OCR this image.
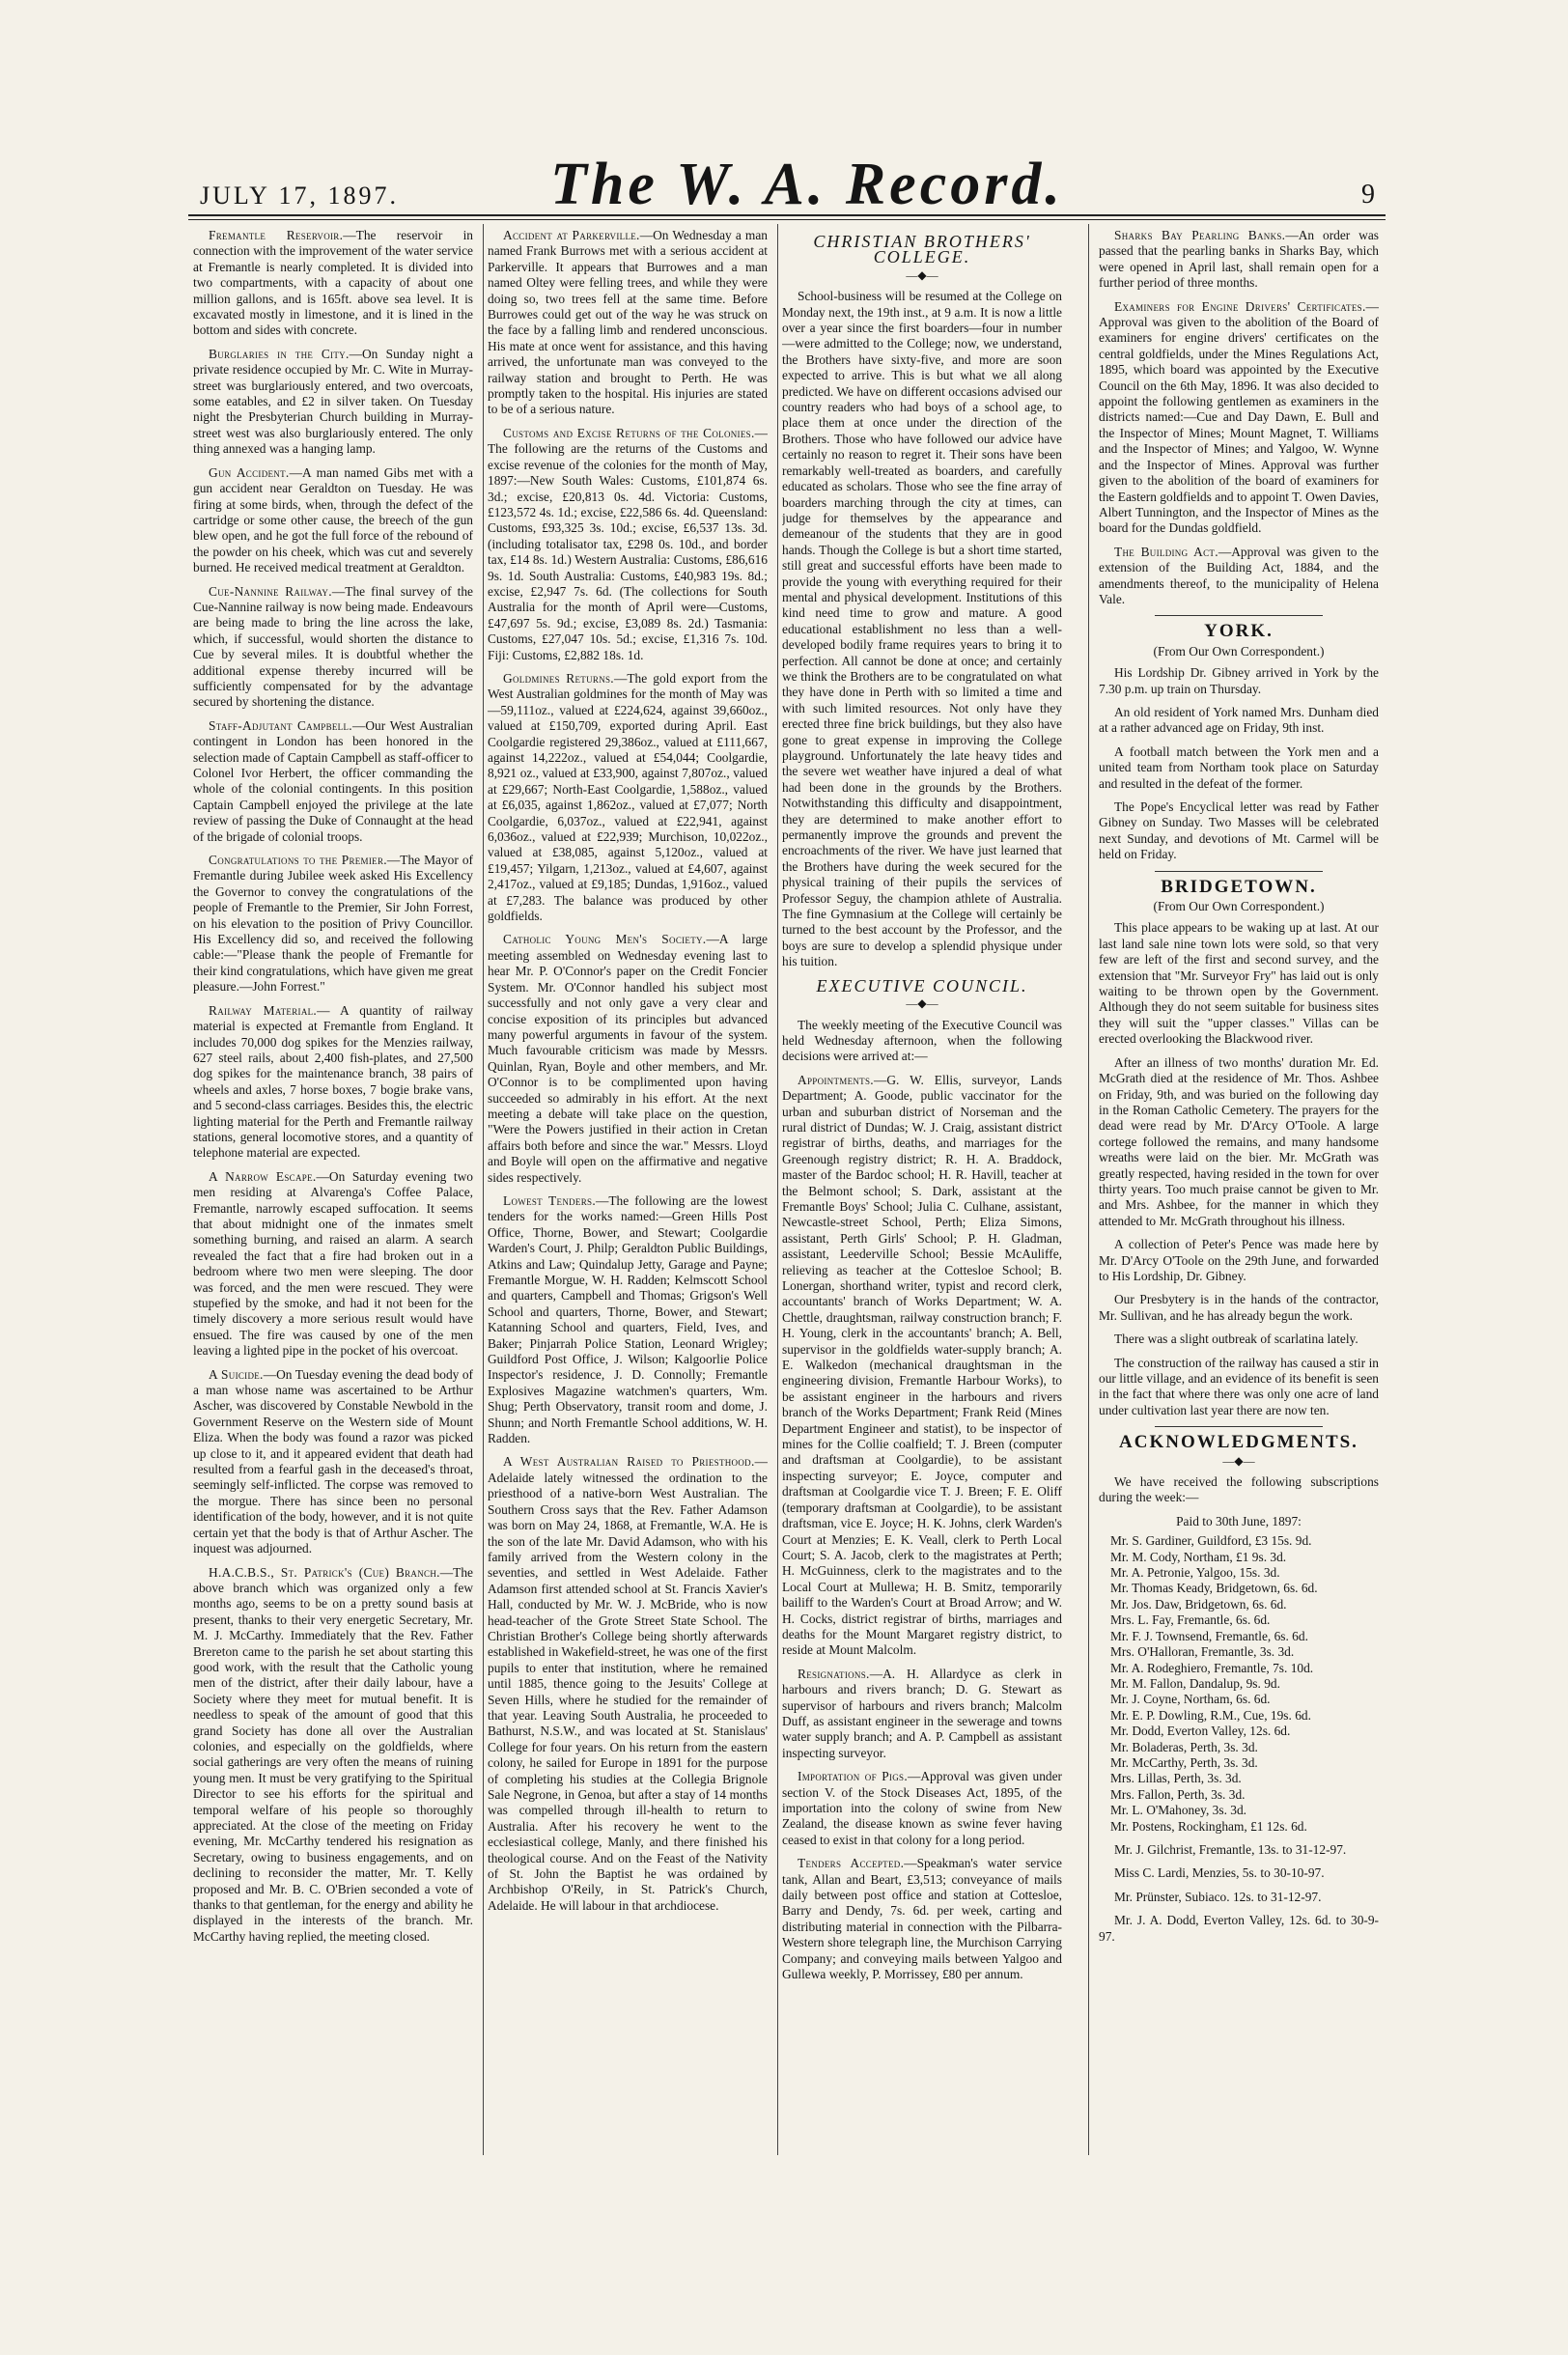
JULY 17, 1897.	The W. A. Record.	9

Fremantle Reservoir.—The reservoir in connection with the improvement of the water service at Fremantle is nearly completed. It is divided into two compartments, with a capacity of about one million gallons, and is 165ft. above sea level. It is excavated mostly in limestone, and it is lined in the bottom and sides with concrete.

Burglaries in the City.—On Sunday night a private residence occupied by Mr. C. Wite in Murray-street was burglariously entered, and two overcoats, some eatables, and £2 in silver taken. On Tuesday night the Presbyterian Church building in Murray-street west was also burglariously entered. The only thing annexed was a hanging lamp.

Gun Accident.—A man named Gibs met with a gun accident near Geraldton on Tuesday. He was firing at some birds, when, through the defect of the cartridge or some other cause, the breech of the gun blew open, and he got the full force of the rebound of the powder on his cheek, which was cut and severely burned. He received medical treatment at Geraldton.

Cue-Nannine Railway.—The final survey of the Cue-Nannine railway is now being made. Endeavours are being made to bring the line across the lake, which, if successful, would shorten the distance to Cue by several miles. It is doubtful whether the additional expense thereby incurred will be sufficiently compensated for by the advantage secured by shortening the distance.

Staff-Adjutant Campbell.—Our West Australian contingent in London has been honored in the selection made of Captain Campbell as staff-officer to Colonel Ivor Herbert, the officer commanding the whole of the colonial contingents. In this position Captain Campbell enjoyed the privilege at the late review of passing the Duke of Connaught at the head of the brigade of colonial troops.

Congratulations to the Premier.—The Mayor of Fremantle during Jubilee week asked His Excellency the Governor to convey the congratulations of the people of Fremantle to the Premier, Sir John Forrest, on his elevation to the position of Privy Councillor. His Excellency did so, and received the following cable:—"Please thank the people of Fremantle for their kind congratulations, which have given me great pleasure.—John Forrest."

Railway Material.— A quantity of railway material is expected at Fremantle from England. It includes 70,000 dog spikes for the Menzies railway, 627 steel rails, about 2,400 fish-plates, and 27,500 dog spikes for the maintenance branch, 38 pairs of wheels and axles, 7 horse boxes, 7 bogie brake vans, and 5 second-class carriages. Besides this, the electric lighting material for the Perth and Fremantle railway stations, general locomotive stores, and a quantity of telephone material are expected.

A Narrow Escape.—On Saturday evening two men residing at Alvarenga's Coffee Palace, Fremantle, narrowly escaped suffocation. It seems that about midnight one of the inmates smelt something burning, and raised an alarm. A search revealed the fact that a fire had broken out in a bedroom where two men were sleeping. The door was forced, and the men were rescued. They were stupefied by the smoke, and had it not been for the timely discovery a more serious result would have ensued. The fire was caused by one of the men leaving a lighted pipe in the pocket of his overcoat.

A Suicide.—On Tuesday evening the dead body of a man whose name was ascertained to be Arthur Ascher, was discovered by Constable Newbold in the Government Reserve on the Western side of Mount Eliza. When the body was found a razor was picked up close to it, and it appeared evident that death had resulted from a fearful gash in the deceased's throat, seemingly self-inflicted. The corpse was removed to the morgue. There has since been no personal identification of the body, however, and it is not quite certain yet that the body is that of Arthur Ascher. The inquest was adjourned.

H.A.C.B.S., St. Patrick's (Cue) Branch.—The above branch which was organized only a few months ago, seems to be on a pretty sound basis at present, thanks to their very energetic Secretary, Mr. M. J. McCarthy. Immediately that the Rev. Father Brereton came to the parish he set about starting this good work, with the result that the Catholic young men of the district, after their daily labour, have a Society where they meet for mutual benefit. It is needless to speak of the amount of good that this grand Society has done all over the Australian colonies, and especially on the goldfields, where social gatherings are very often the means of ruining young men. It must be very gratifying to the Spiritual Director to see his efforts for the spiritual and temporal welfare of his people so thoroughly appreciated. At the close of the meeting on Friday evening, Mr. McCarthy tendered his resignation as Secretary, owing to business engagements, and on declining to reconsider the matter, Mr. T. Kelly proposed and Mr. B. C. O'Brien seconded a vote of thanks to that gentleman, for the energy and ability he displayed in the interests of the branch. Mr. McCarthy having replied, the meeting closed.

Accident at Parkerville.—On Wednesday a man named Frank Burrows met with a serious accident at Parkerville. It appears that Burrowes and a man named Oltey were felling trees, and while they were doing so, two trees fell at the same time. Before Burrowes could get out of the way he was struck on the face by a falling limb and rendered unconscious. His mate at once went for assistance, and this having arrived, the unfortunate man was conveyed to the railway station and brought to Perth. He was promptly taken to the hospital. His injuries are stated to be of a serious nature.

Customs and Excise Returns of the Colonies.—The following are the returns of the Customs and excise revenue of the colonies for the month of May, 1897:—New South Wales: Customs, £101,874 6s. 3d.; excise, £20,813 0s. 4d. Victoria: Customs, £123,572 4s. 1d.; excise, £22,586 6s. 4d. Queensland: Customs, £93,325 3s. 10d.; excise, £6,537 13s. 3d. (including totalisator tax, £298 0s. 10d., and border tax, £14 8s. 1d.) Western Australia: Customs, £86,616 9s. 1d. South Australia: Customs, £40,983 19s. 8d.; excise, £2,947 7s. 6d. (The collections for South Australia for the month of April were—Customs, £47,697 5s. 9d.; excise, £3,089 8s. 2d.) Tasmania: Customs, £27,047 10s. 5d.; excise, £1,316 7s. 10d. Fiji: Customs, £2,882 18s. 1d.

Goldmines Returns.—The gold export from the West Australian goldmines for the month of May was—59,111oz., valued at £224,624, against 39,660oz., valued at £150,709, exported during April. East Coolgardie registered 29,386oz., valued at £111,667, against 14,222oz., valued at £54,044; Coolgardie, 8,921 oz., valued at £33,900, against 7,807oz., valued at £29,667; North-East Coolgardie, 1,588oz., valued at £6,035, against 1,862oz., valued at £7,077; North Coolgardie, 6,037oz., valued at £22,941, against 6,036oz., valued at £22,939; Murchison, 10,022oz., valued at £38,085, against 5,120oz., valued at £19,457; Yilgarn, 1,213oz., valued at £4,607, against 2,417oz., valued at £9,185; Dundas, 1,916oz., valued at £7,283. The balance was produced by other goldfields.

Catholic Young Men's Society.—A large meeting assembled on Wednesday evening last to hear Mr. P. O'Connor's paper on the Credit Foncier System. Mr. O'Connor handled his subject most successfully and not only gave a very clear and concise exposition of its principles but advanced many powerful arguments in favour of the system. Much favourable criticism was made by Messrs. Quinlan, Ryan, Boyle and other members, and Mr. O'Connor is to be complimented upon having succeeded so admirably in his effort. At the next meeting a debate will take place on the question, "Were the Powers justified in their action in Cretan affairs both before and since the war." Messrs. Lloyd and Boyle will open on the affirmative and negative sides respectively.

Lowest Tenders.—The following are the lowest tenders for the works named:—Green Hills Post Office, Thorne, Bower, and Stewart; Coolgardie Warden's Court, J. Philp; Geraldton Public Buildings, Atkins and Law; Quindalup Jetty, Garage and Payne; Fremantle Morgue, W. H. Radden; Kelmscott School and quarters, Campbell and Thomas; Grigson's Well School and quarters, Thorne, Bower, and Stewart; Katanning School and quarters, Field, Ives, and Baker; Pinjarrah Police Station, Leonard Wrigley; Guildford Post Office, J. Wilson; Kalgoorlie Police Inspector's residence, J. D. Connolly; Fremantle Explosives Magazine watchmen's quarters, Wm. Shug; Perth Observatory, transit room and dome, J. Shunn; and North Fremantle School additions, W. H. Radden.

A West Australian Raised to Priesthood.—Adelaide lately witnessed the ordination to the priesthood of a native-born West Australian. The Southern Cross says that the Rev. Father Adamson was born on May 24, 1868, at Fremantle, W.A. He is the son of the late Mr. David Adamson, who with his family arrived from the Western colony in the seventies, and settled in West Adelaide. Father Adamson first attended school at St. Francis Xavier's Hall, conducted by Mr. W. J. McBride, who is now head-teacher of the Grote Street State School. The Christian Brother's College being shortly afterwards established in Wakefield-street, he was one of the first pupils to enter that institution, where he remained until 1885, thence going to the Jesuits' College at Seven Hills, where he studied for the remainder of that year. Leaving South Australia, he proceeded to Bathurst, N.S.W., and was located at St. Stanislaus' College for four years. On his return from the eastern colony, he sailed for Europe in 1891 for the purpose of completing his studies at the Collegia Brignole Sale Negrone, in Genoa, but after a stay of 14 months was compelled through ill-health to return to Australia. After his recovery he went to the ecclesiastical college, Manly, and there finished his theological course. And on the Feast of the Nativity of St. John the Baptist he was ordained by Archbishop O'Reily, in St. Patrick's Church, Adelaide. He will labour in that archdiocese.

CHRISTIAN BROTHERS' COLLEGE.
—◆—

School-business will be resumed at the College on Monday next, the 19th inst., at 9 a.m. It is now a little over a year since the first boarders—four in number—were admitted to the College; now, we understand, the Brothers have sixty-five, and more are soon expected to arrive. This is but what we all along predicted. We have on different occasions advised our country readers who had boys of a school age, to place them at once under the direction of the Brothers. Those who have followed our advice have certainly no reason to regret it. Their sons have been remarkably well-treated as boarders, and carefully educated as scholars. Those who see the fine array of boarders marching through the city at times, can judge for themselves by the appearance and demeanour of the students that they are in good hands. Though the College is but a short time started, still great and successful efforts have been made to provide the young with everything required for their mental and physical development. Institutions of this kind need time to grow and mature. A good educational establishment no less than a well-developed bodily frame requires years to bring it to perfection. All cannot be done at once; and certainly we think the Brothers are to be congratulated on what they have done in Perth with so limited a time and with such limited resources. Not only have they erected three fine brick buildings, but they also have gone to great expense in improving the College playground. Unfortunately the late heavy tides and the severe wet weather have injured a deal of what had been done in the grounds by the Brothers. Notwithstanding this difficulty and disappointment, they are determined to make another effort to permanently improve the grounds and prevent the encroachments of the river. We have just learned that the Brothers have during the week secured for the physical training of their pupils the services of Professor Seguy, the champion athlete of Australia. The fine Gymnasium at the College will certainly be turned to the best account by the Professor, and the boys are sure to develop a splendid physique under his tuition.

EXECUTIVE COUNCIL.
—◆—

The weekly meeting of the Executive Council was held Wednesday afternoon, when the following decisions were arrived at:—

Appointments.—G. W. Ellis, surveyor, Lands Department; A. Goode, public vaccinator for the urban and suburban district of Norseman and the rural district of Dundas; W. J. Craig, assistant district registrar of births, deaths, and marriages for the Greenough registry district; R. H. A. Braddock, master of the Bardoc school; H. R. Havill, teacher at the Belmont school; S. Dark, assistant at the Fremantle Boys' School; Julia C. Culhane, assistant, Newcastle-street School, Perth; Eliza Simons, assistant, Perth Girls' School; P. H. Gladman, assistant, Leederville School; Bessie McAuliffe, relieving as teacher at the Cottesloe School; B. Lonergan, shorthand writer, typist and record clerk, accountants' branch of Works Department; W. A. Chettle, draughtsman, railway construction branch; F. H. Young, clerk in the accountants' branch; A. Bell, supervisor in the goldfields water-supply branch; A. E. Walkedon (mechanical draughtsman in the engineering division, Fremantle Harbour Works), to be assistant engineer in the harbours and rivers branch of the Works Department; Frank Reid (Mines Department Engineer and statist), to be inspector of mines for the Collie coalfield; T. J. Breen (computer and draftsman at Coolgardie), to be assistant inspecting surveyor; E. Joyce, computer and draftsman at Coolgardie vice T. J. Breen; F. E. Oliff (temporary draftsman at Coolgardie), to be assistant draftsman, vice E. Joyce; H. K. Johns, clerk Warden's Court at Menzies; E. K. Veall, clerk to Perth Local Court; S. A. Jacob, clerk to the magistrates at Perth; H. McGuinness, clerk to the magistrates and to the Local Court at Mullewa; H. B. Smitz, temporarily bailiff to the Warden's Court at Broad Arrow; and W. H. Cocks, district registrar of births, marriages and deaths for the Mount Margaret registry district, to reside at Mount Malcolm.

Resignations.—A. H. Allardyce as clerk in harbours and rivers branch; D. G. Stewart as supervisor of harbours and rivers branch; Malcolm Duff, as assistant engineer in the sewerage and towns water supply branch; and A. P. Campbell as assistant inspecting surveyor.

Importation of Pigs.—Approval was given under section V. of the Stock Diseases Act, 1895, of the importation into the colony of swine from New Zealand, the disease known as swine fever having ceased to exist in that colony for a long period.

Tenders Accepted.—Speakman's water service tank, Allan and Beart, £3,513; conveyance of mails daily between post office and station at Cottesloe, Barry and Dendy, 7s. 6d. per week, carting and distributing material in connection with the Pilbarra-Western shore telegraph line, the Murchison Carrying Company; and conveying mails between Yalgoo and Gullewa weekly, P. Morrissey, £80 per annum.

Sharks Bay Pearling Banks.—An order was passed that the pearling banks in Sharks Bay, which were opened in April last, shall remain open for a further period of three months.

Examiners for Engine Drivers' Certificates.—Approval was given to the abolition of the Board of examiners for engine drivers' certificates on the central goldfields, under the Mines Regulations Act, 1895, which board was appointed by the Executive Council on the 6th May, 1896. It was also decided to appoint the following gentlemen as examiners in the districts named:—Cue and Day Dawn, E. Bull and the Inspector of Mines; Mount Magnet, T. Williams and the Inspector of Mines; and Yalgoo, W. Wynne and the Inspector of Mines. Approval was further given to the abolition of the board of examiners for the Eastern goldfields and to appoint T. Owen Davies, Albert Tunnington, and the Inspector of Mines as the board for the Dundas goldfield.

The Building Act.—Approval was given to the extension of the Building Act, 1884, and the amendments thereof, to the municipality of Helena Vale.

YORK.

(From Our Own Correspondent.)

His Lordship Dr. Gibney arrived in York by the 7.30 p.m. up train on Thursday.

An old resident of York named Mrs. Dunham died at a rather advanced age on Friday, 9th inst.

A football match between the York men and a united team from Northam took place on Saturday and resulted in the defeat of the former.

The Pope's Encyclical letter was read by Father Gibney on Sunday. Two Masses will be celebrated next Sunday, and devotions of Mt. Carmel will be held on Friday.

BRIDGETOWN.

(From Our Own Correspondent.)

This place appears to be waking up at last. At our last land sale nine town lots were sold, so that very few are left of the first and second survey, and the extension that "Mr. Surveyor Fry" has laid out is only waiting to be thrown open by the Government. Although they do not seem suitable for business sites they will suit the "upper classes." Villas can be erected overlooking the Blackwood river.

After an illness of two months' duration Mr. Ed. McGrath died at the residence of Mr. Thos. Ashbee on Friday, 9th, and was buried on the following day in the Roman Catholic Cemetery. The prayers for the dead were read by Mr. D'Arcy O'Toole. A large cortege followed the remains, and many handsome wreaths were laid on the bier. Mr. McGrath was greatly respected, having resided in the town for over thirty years. Too much praise cannot be given to Mr. and Mrs. Ashbee, for the manner in which they attended to Mr. McGrath throughout his illness.

A collection of Peter's Pence was made here by Mr. D'Arcy O'Toole on the 29th June, and forwarded to His Lordship, Dr. Gibney.

Our Presbytery is in the hands of the contractor, Mr. Sullivan, and he has already begun the work.

There was a slight outbreak of scarlatina lately.

The construction of the railway has caused a stir in our little village, and an evidence of its benefit is seen in the fact that where there was only one acre of land under cultivation last year there are now ten.

ACKNOWLEDGMENTS.
—◆—

We have received the following subscriptions during the week:—

Paid to 30th June, 1897:

Mr. S. Gardiner, Guildford, £3 15s. 9d.
Mr. M. Cody, Northam, £1 9s. 3d.
Mr. A. Petronie, Yalgoo, 15s. 3d.
Mr. Thomas Keady, Bridgetown, 6s. 6d.
Mr. Jos. Daw, Bridgetown, 6s. 6d.
Mrs. L. Fay, Fremantle, 6s. 6d.
Mr. F. J. Townsend, Fremantle, 6s. 6d.
Mrs. O'Halloran, Fremantle, 3s. 3d.
Mr. A. Rodeghiero, Fremantle, 7s. 10d.
Mr. M. Fallon, Dandalup, 9s. 9d.
Mr. J. Coyne, Northam, 6s. 6d.
Mr. E. P. Dowling, R.M., Cue, 19s. 6d.
Mr. Dodd, Everton Valley, 12s. 6d.
Mr. Boladeras, Perth, 3s. 3d.
Mr. McCarthy, Perth, 3s. 3d.
Mrs. Lillas, Perth, 3s. 3d.
Mrs. Fallon, Perth, 3s. 3d.
Mr. L. O'Mahoney, 3s. 3d.
Mr. Postens, Rockingham, £1 12s. 6d.

Mr. J. Gilchrist, Fremantle, 13s. to 31-12-97.

Miss C. Lardi, Menzies, 5s. to 30-10-97.

Mr. Prünster, Subiaco. 12s. to 31-12-97.

Mr. J. A. Dodd, Everton Valley, 12s. 6d. to 30-9-97.
